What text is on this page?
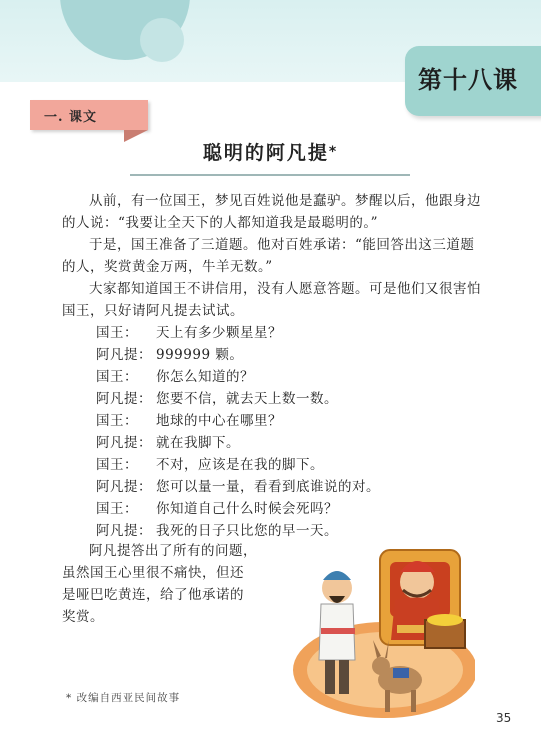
第十八课
一. 课文
聪明的阿凡提*

从前，有一位国王，梦见百姓说他是蠢驴。梦醒以后，他跟身边的人说：“我要让全天下的人都知道我是最聪明的。”

于是，国王准备了三道题。他对百姓承诺：“能回答出这三道题的人，奖赏黄金万两，牛羊无数。”

大家都知道国王不讲信用，没有人愿意答题。可是他们又很害怕国王，只好请阿凡提去试试。

国王： 天上有多少颗星星？

阿凡提： 999999 颗。

国王： 你怎么知道的？

阿凡提： 您要不信，就去天上数一数。

国王： 地球的中心在哪里？

阿凡提： 就在我脚下。

国王： 不对，应该是在我的脚下。

阿凡提： 您可以量一量，看看到底谁说的对。

国王： 你知道自己什么时候会死吗？

阿凡提： 我死的日子只比您的早一天。

阿凡提答出了所有的问题，
虽然国王心里很不痛快，但还
是哑巴吃黄连，给了他承诺的
奖赏。
* 改编自西亚民间故事
35
